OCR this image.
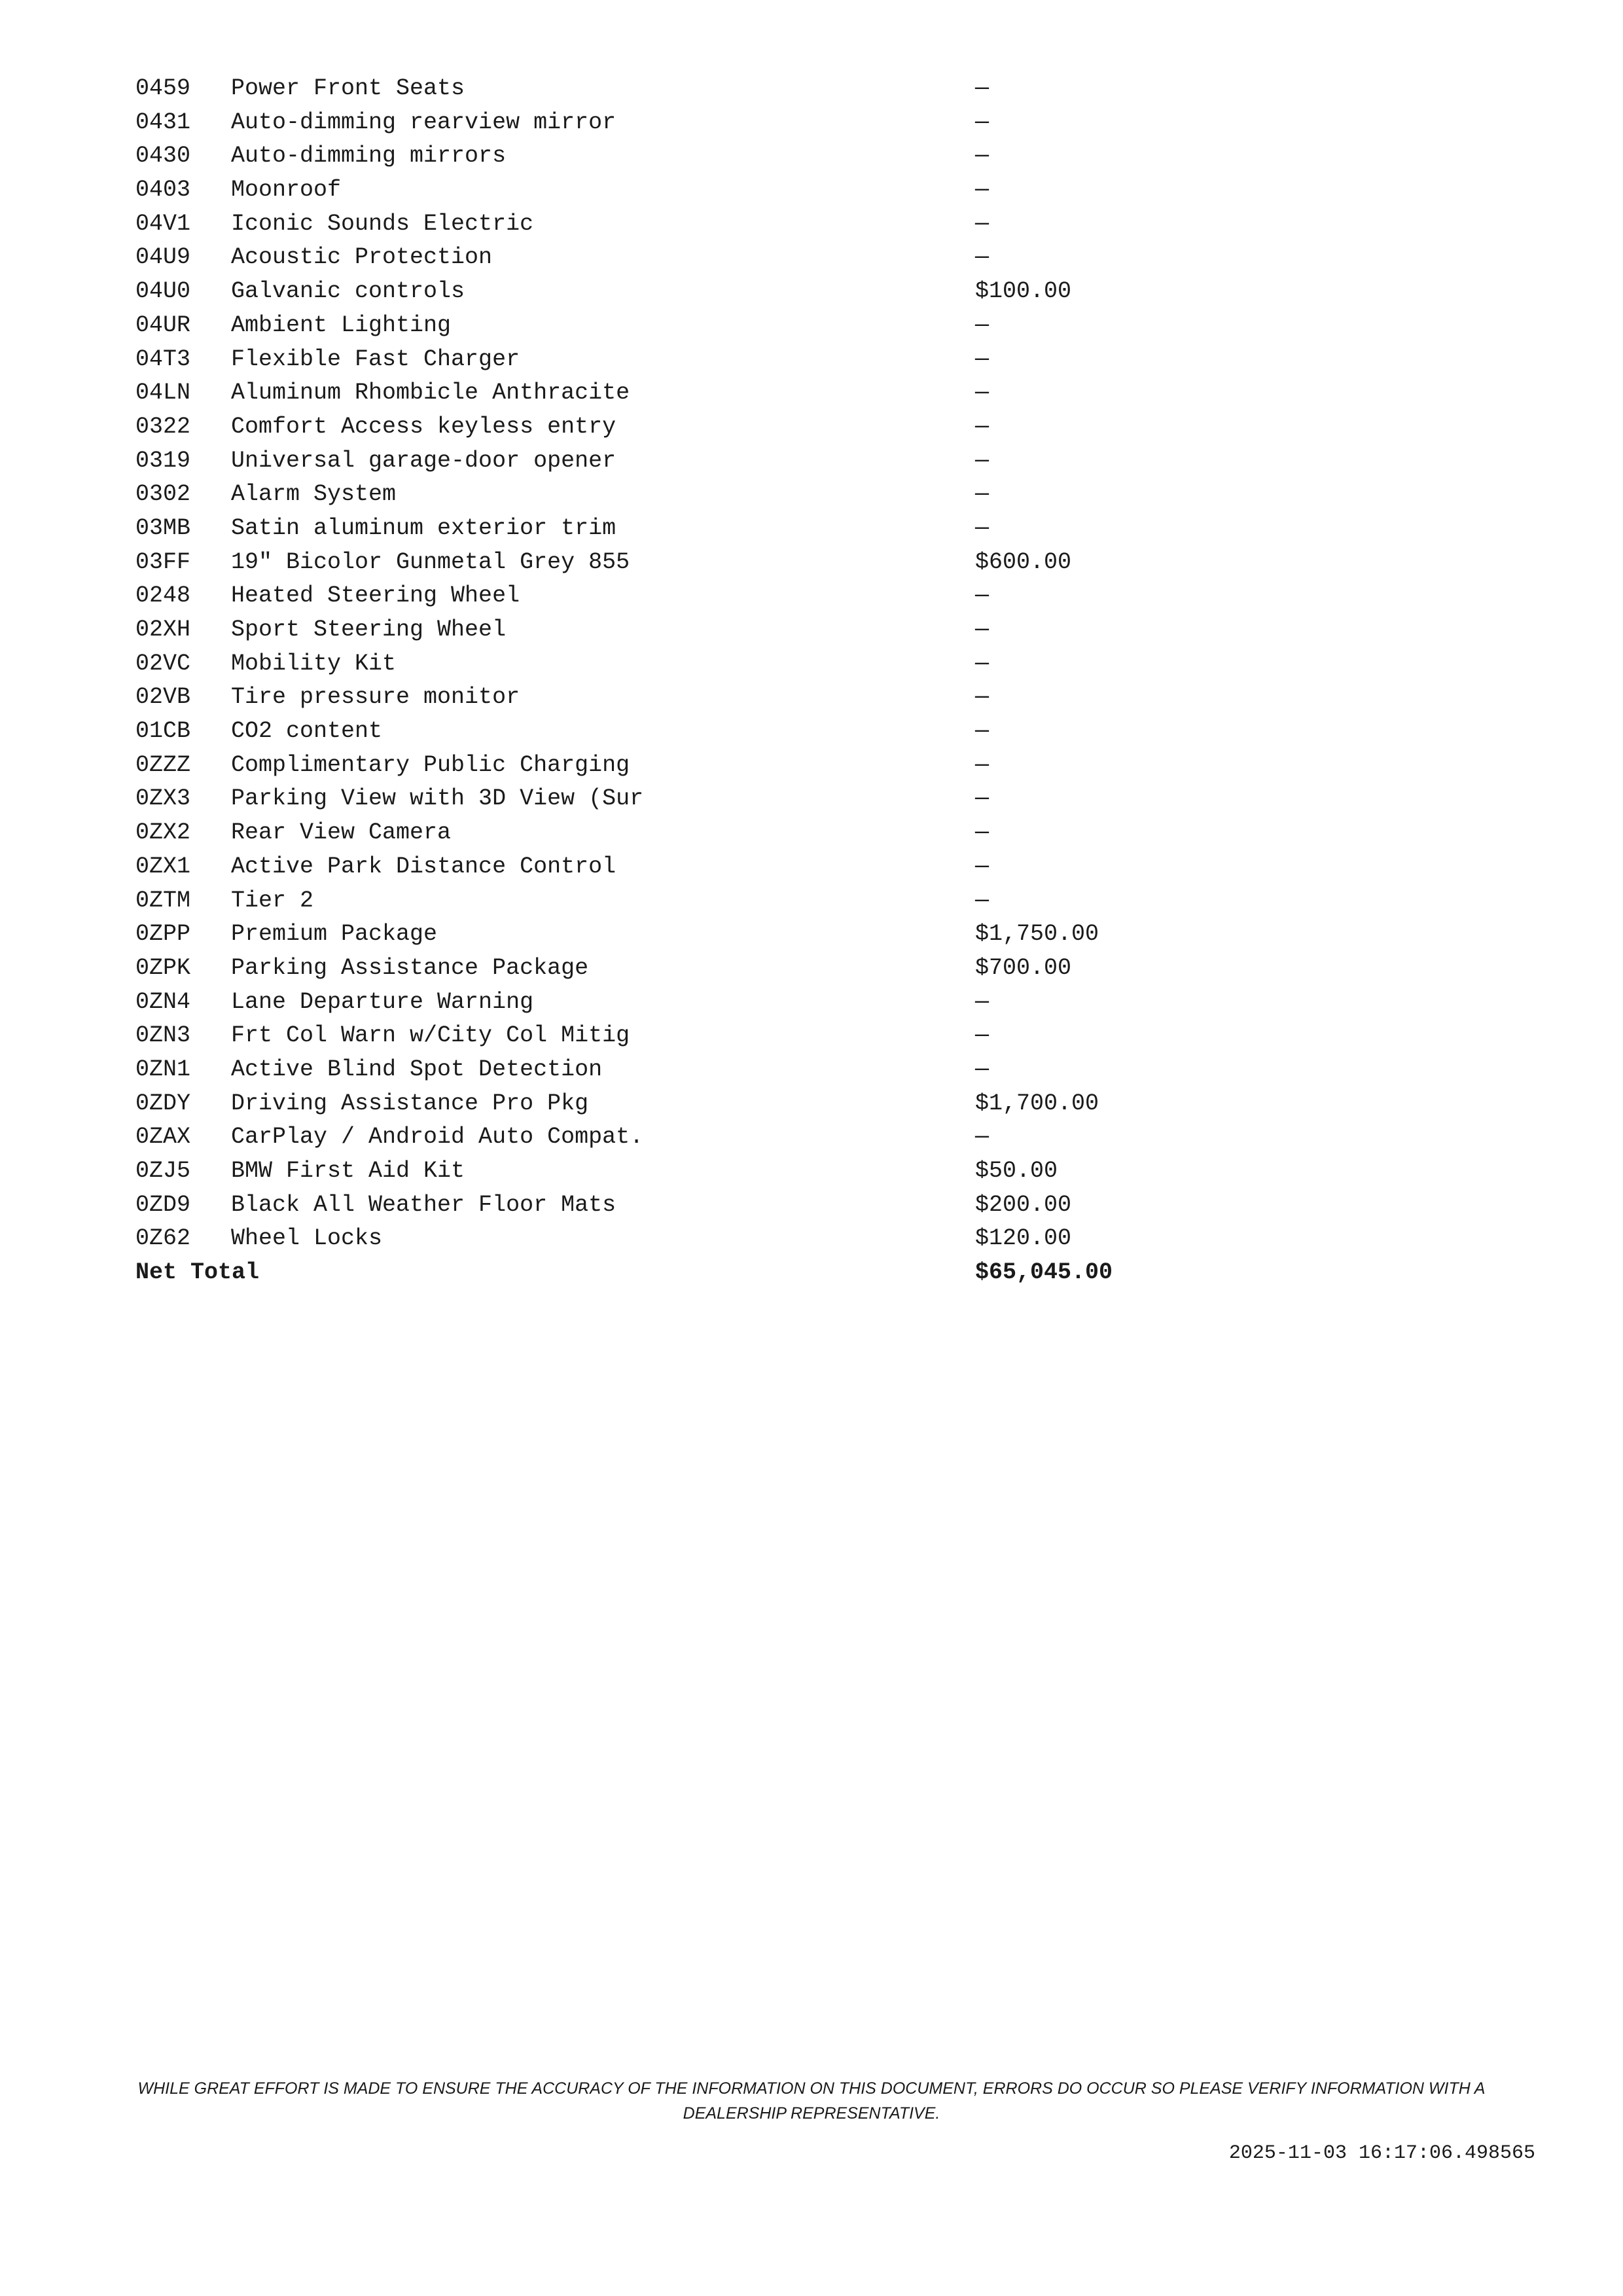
0459 Power Front Seats	—
0431 Auto-dimming rearview mirror	—
0430 Auto-dimming mirrors	—
0403 Moonroof	—
04V1 Iconic Sounds Electric	—
04U9 Acoustic Protection	—
04U0 Galvanic controls	$100.00
04UR Ambient Lighting	—
04T3 Flexible Fast Charger	—
04LN Aluminum Rhombicle Anthracite	—
0322 Comfort Access keyless entry	—
0319 Universal garage-door opener	—
0302 Alarm System	—
03MB Satin aluminum exterior trim	—
03FF 19" Bicolor Gunmetal Grey 855	$600.00
0248 Heated Steering Wheel	—
02XH Sport Steering Wheel	—
02VC Mobility Kit	—
02VB Tire pressure monitor	—
01CB CO2 content	—
0ZZZ Complimentary Public Charging	—
0ZX3 Parking View with 3D View (Sur	—
0ZX2 Rear View Camera	—
0ZX1 Active Park Distance Control	—
0ZTM Tier 2	—
0ZPP Premium Package	$1,750.00
0ZPK Parking Assistance Package	$700.00
0ZN4 Lane Departure Warning	—
0ZN3 Frt Col Warn w/City Col Mitig	—
0ZN1 Active Blind Spot Detection	—
0ZDY Driving Assistance Pro Pkg	$1,700.00
0ZAX CarPlay / Android Auto Compat.	—
0ZJ5 BMW First Aid Kit	$50.00
0ZD9 Black All Weather Floor Mats	$200.00
0Z62 Wheel Locks	$120.00
Net Total	$65,045.00
WHILE GREAT EFFORT IS MADE TO ENSURE THE ACCURACY OF THE INFORMATION ON THIS DOCUMENT, ERRORS DO OCCUR SO PLEASE VERIFY INFORMATION WITH A DEALERSHIP REPRESENTATIVE.
2025-11-03 16:17:06.498565
